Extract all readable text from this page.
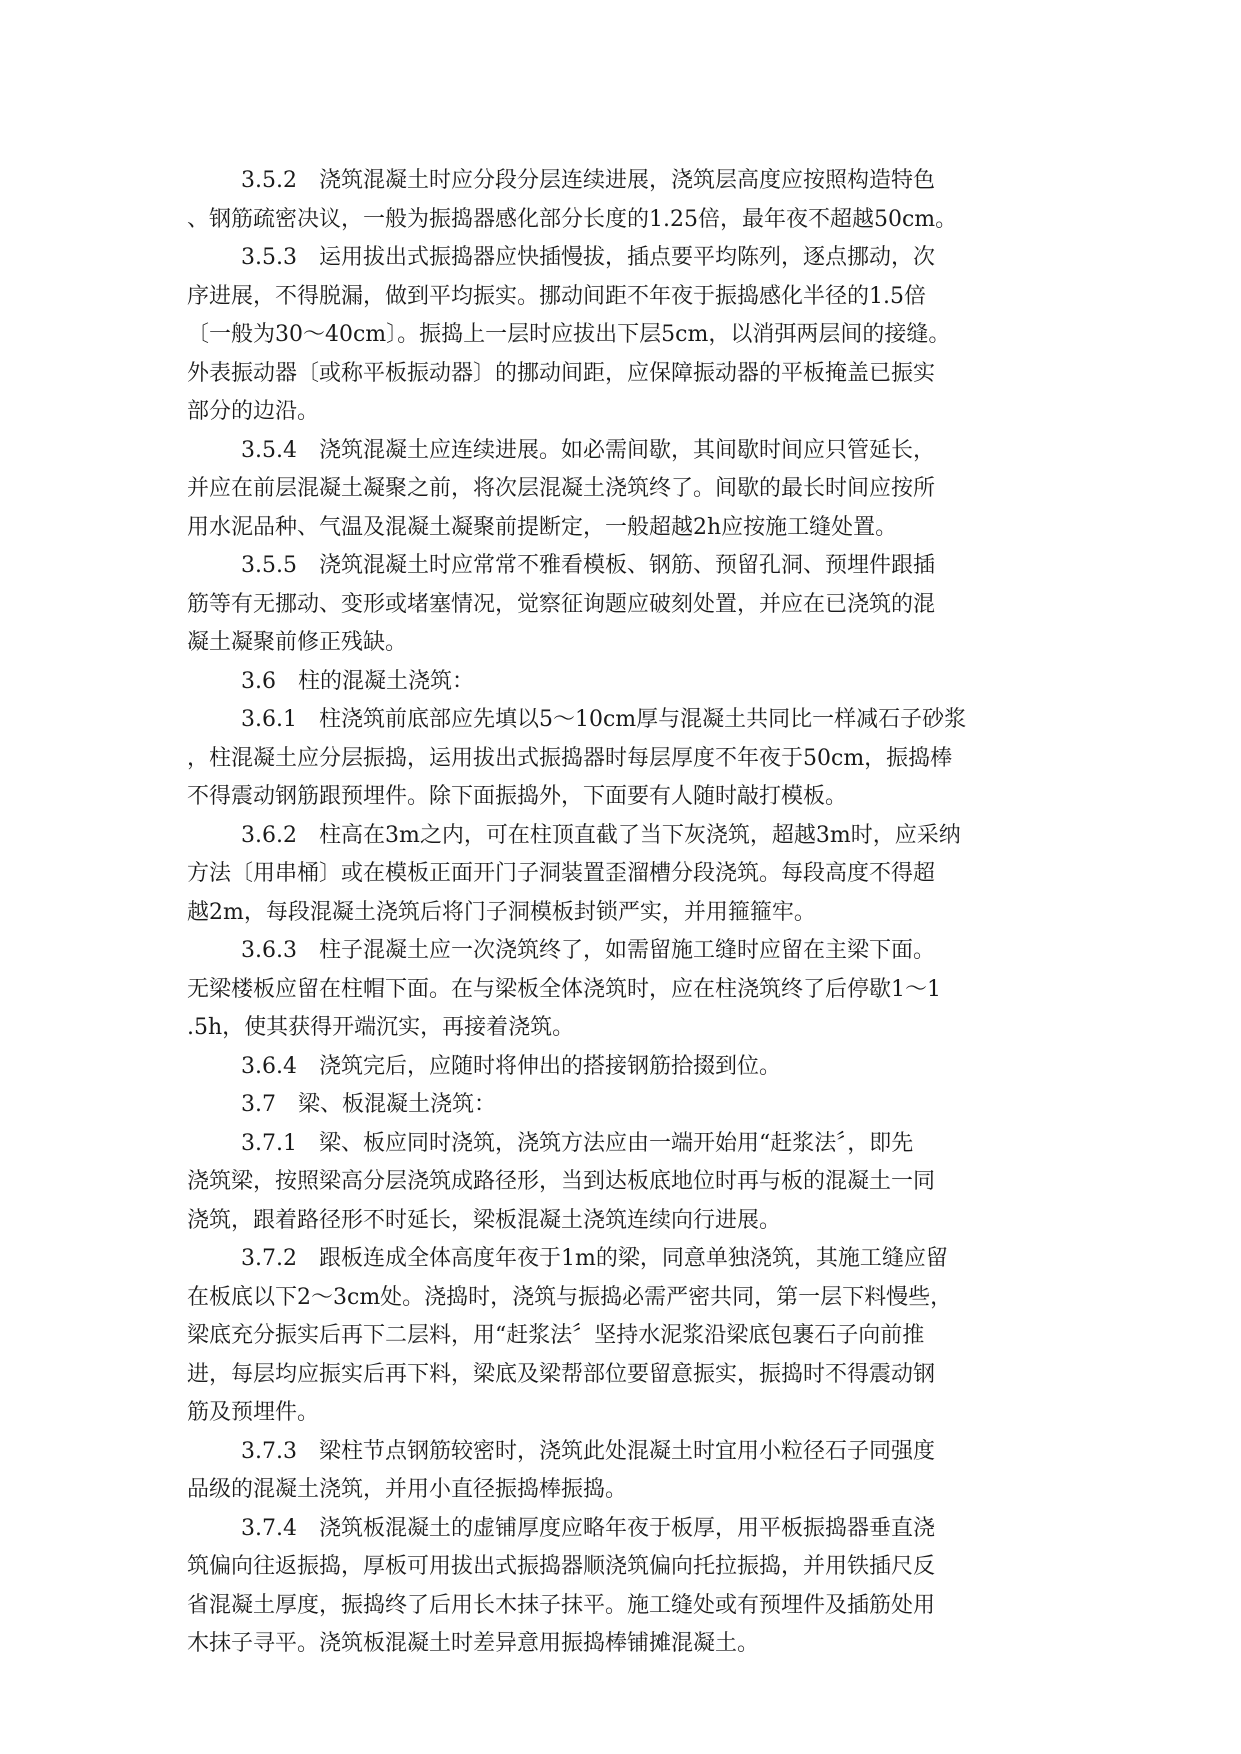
3.5.2　浇筑混凝土时应分段分层连续进展，浇筑层高度应按照构造特色
、钢筋疏密决议，一般为振捣器感化部分长度的1.25倍，最年夜不超越50cm。
3.5.3　运用拔出式振捣器应快插慢拔，插点要平均陈列，逐点挪动，次
序进展，不得脱漏，做到平均振实。挪动间距不年夜于振捣感化半径的1.5倍
〔一般为30～40cm〕。振捣上一层时应拔出下层5cm，以消弭两层间的接缝。
外表振动器〔或称平板振动器〕的挪动间距，应保障振动器的平板掩盖已振实
部分的边沿。
3.5.4　浇筑混凝土应连续进展。如必需间歇，其间歇时间应只管延长，
并应在前层混凝土凝聚之前，将次层混凝土浇筑终了。间歇的最长时间应按所
用水泥品种、气温及混凝土凝聚前提断定，一般超越2h应按施工缝处置。
3.5.5　浇筑混凝土时应常常不雅看模板、钢筋、预留孔洞、预埋件跟插
筋等有无挪动、变形或堵塞情况，觉察征询题应破刻处置，并应在已浇筑的混
凝土凝聚前修正残缺。
3.6　柱的混凝土浇筑：
3.6.1　柱浇筑前底部应先填以5～10cm厚与混凝土共同比一样减石子砂浆
，柱混凝土应分层振捣，运用拔出式振捣器时每层厚度不年夜于50cm，振捣棒
不得震动钢筋跟预埋件。除下面振捣外，下面要有人随时敲打模板。
3.6.2　柱高在3m之内，可在柱顶直截了当下灰浇筑，超越3m时，应采纳
方法〔用串桶〕或在模板正面开门子洞装置歪溜槽分段浇筑。每段高度不得超
越2m，每段混凝土浇筑后将门子洞模板封锁严实，并用箍箍牢。
3.6.3　柱子混凝土应一次浇筑终了，如需留施工缝时应留在主梁下面。
无梁楼板应留在柱帽下面。在与梁板全体浇筑时，应在柱浇筑终了后停歇1～1
.5h，使其获得开端沉实，再接着浇筑。
3.6.4　浇筑完后，应随时将伸出的搭接钢筋拾掇到位。
3.7　梁、板混凝土浇筑：
3.7.1　梁、板应同时浇筑，浇筑方法应由一端开始用“赶浆法〞，即先
浇筑梁，按照梁高分层浇筑成路径形，当到达板底地位时再与板的混凝土一同
浇筑，跟着路径形不时延长，梁板混凝土浇筑连续向行进展。
3.7.2　跟板连成全体高度年夜于1m的梁，同意单独浇筑，其施工缝应留
在板底以下2～3cm处。浇捣时，浇筑与振捣必需严密共同，第一层下料慢些，
梁底充分振实后再下二层料，用“赶浆法〞坚持水泥浆沿梁底包裹石子向前推
进，每层均应振实后再下料，梁底及梁帮部位要留意振实，振捣时不得震动钢
筋及预埋件。
3.7.3　梁柱节点钢筋较密时，浇筑此处混凝土时宜用小粒径石子同强度
品级的混凝土浇筑，并用小直径振捣棒振捣。
3.7.4　浇筑板混凝土的虚铺厚度应略年夜于板厚，用平板振捣器垂直浇
筑偏向往返振捣，厚板可用拔出式振捣器顺浇筑偏向托拉振捣，并用铁插尺反
省混凝土厚度，振捣终了后用长木抹子抹平。施工缝处或有预埋件及插筋处用
木抹子寻平。浇筑板混凝土时差异意用振捣棒铺摊混凝土。
